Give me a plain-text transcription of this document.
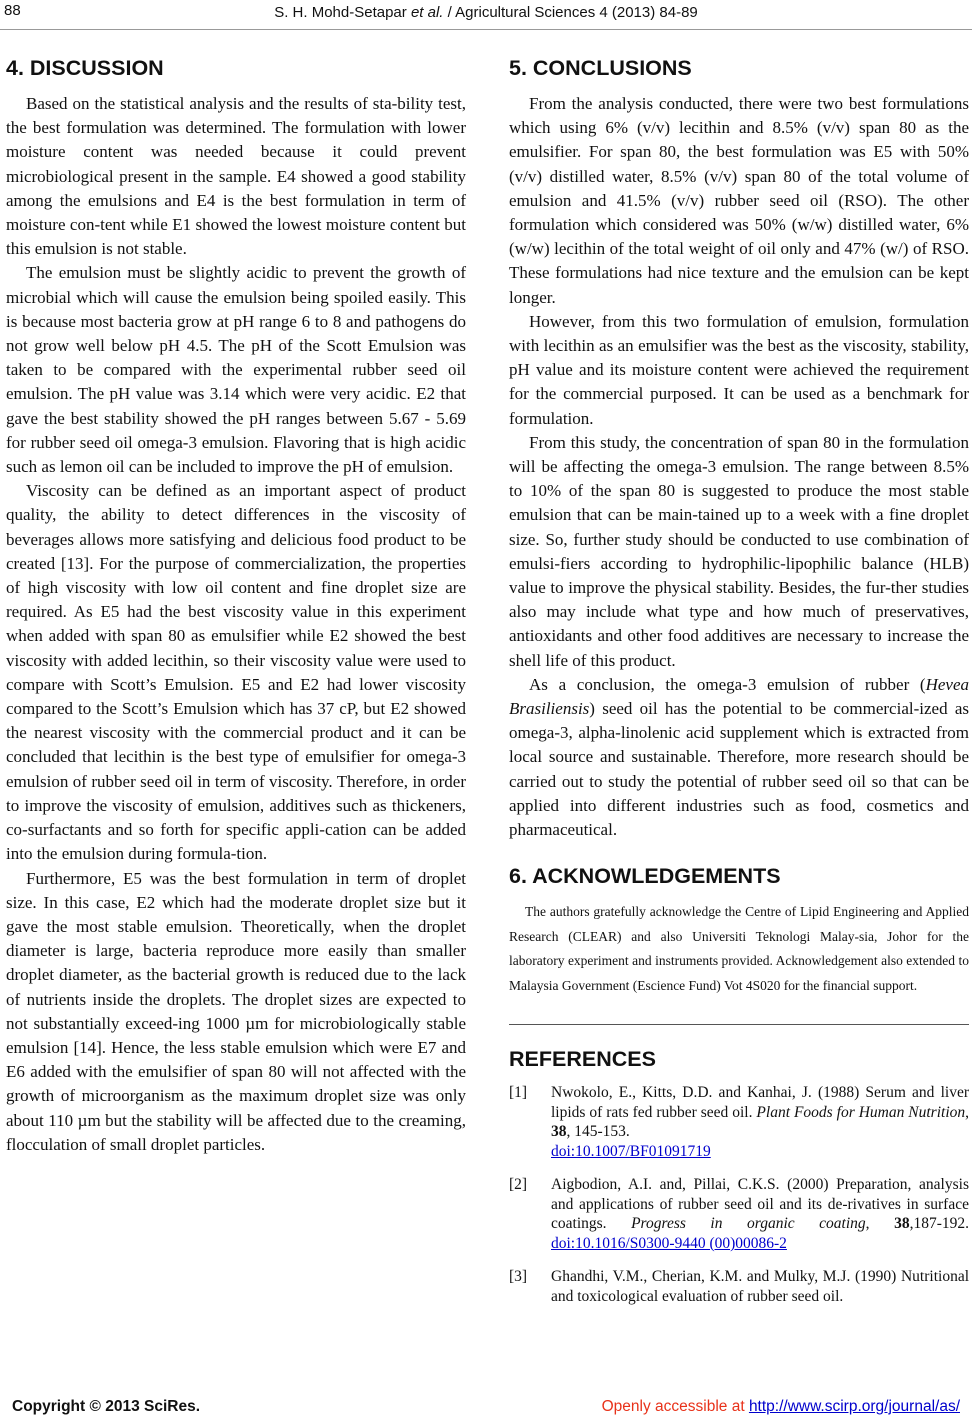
88	S. H. Mohd-Setapar et al. / Agricultural Sciences 4 (2013) 84-89
4. DISCUSSION

Based on the statistical analysis and the results of sta-bility test, the best formulation was determined. The formulation with lower moisture content was needed because it could prevent microbiological present in the sample. E4 showed a good stability among the emulsions and E4 is the best formulation in term of moisture con-tent while E1 showed the lowest moisture content but this emulsion is not stable.

The emulsion must be slightly acidic to prevent the growth of microbial which will cause the emulsion being spoiled easily. This is because most bacteria grow at pH range 6 to 8 and pathogens do not grow well below pH 4.5. The pH of the Scott Emulsion was taken to be compared with the experimental rubber seed oil emulsion. The pH value was 3.14 which were very acidic. E2 that gave the best stability showed the pH ranges between 5.67 - 5.69 for rubber seed oil omega-3 emulsion. Flavoring that is high acidic such as lemon oil can be included to improve the pH of emulsion.

Viscosity can be defined as an important aspect of product quality, the ability to detect differences in the viscosity of beverages allows more satisfying and delicious food product to be created [13]. For the purpose of commercialization, the properties of high viscosity with low oil content and fine droplet size are required. As E5 had the best viscosity value in this experiment when added with span 80 as emulsifier while E2 showed the best viscosity with added lecithin, so their viscosity value were used to compare with Scott’s Emulsion. E5 and E2 had lower viscosity compared to the Scott’s Emulsion which has 37 cP, but E2 showed the nearest viscosity with the commercial product and it can be concluded that lecithin is the best type of emulsifier for omega-3 emulsion of rubber seed oil in term of viscosity. Therefore, in order to improve the viscosity of emulsion, additives such as thickeners, co-surfactants and so forth for specific appli-cation can be added into the emulsion during formula-tion.

Furthermore, E5 was the best formulation in term of droplet size. In this case, E2 which had the moderate droplet size but it gave the most stable emulsion. Theoretically, when the droplet diameter is large, bacteria reproduce more easily than smaller droplet diameter, as the bacterial growth is reduced due to the lack of nutrients inside the droplets. The droplet sizes are expected to not substantially exceed-ing 1000 µm for microbiologically stable emulsion [14]. Hence, the less stable emulsion which were E7 and E6 added with the emulsifier of span 80 will not affected with the growth of microorganism as the maximum droplet size was only about 110 µm but the stability will be affected due to the creaming, flocculation of small droplet particles.

5. CONCLUSIONS

From the analysis conducted, there were two best formulations which using 6% (v/v) lecithin and 8.5% (v/v) span 80 as the emulsifier. For span 80, the best formulation was E5 with 50% (v/v) distilled water, 8.5% (v/v) span 80 of the total volume of emulsion and 41.5% (v/v) rubber seed oil (RSO). The other formulation which considered was 50% (w/w) distilled water, 6% (w/w) lecithin of the total weight of oil only and 47% (w/) of RSO. These formulations had nice texture and the emulsion can be kept longer.

However, from this two formulation of emulsion, formulation with lecithin as an emulsifier was the best as the viscosity, stability, pH value and its moisture content were achieved the requirement for the commercial purposed. It can be used as a benchmark for formulation.

From this study, the concentration of span 80 in the formulation will be affecting the omega-3 emulsion. The range between 8.5% to 10% of the span 80 is suggested to produce the most stable emulsion that can be main-tained up to a week with a fine droplet size. So, further study should be conducted to use combination of emulsi-fiers according to hydrophilic-lipophilic balance (HLB) value to improve the physical stability. Besides, the fur-ther studies also may include what type and how much of preservatives, antioxidants and other food additives are necessary to increase the shell life of this product.

As a conclusion, the omega-3 emulsion of rubber (Hevea Brasiliensis) seed oil has the potential to be commercial-ized as omega-3, alpha-linolenic acid supplement which is extracted from local source and sustainable. Therefore, more research should be carried out to study the potential of rubber seed oil so that can be applied into different industries such as food, cosmetics and pharmaceutical.

6. ACKNOWLEDGEMENTS

The authors gratefully acknowledge the Centre of Lipid Engineering and Applied Research (CLEAR) and also Universiti Teknologi Malay-sia, Johor for the laboratory experiment and instruments provided. Acknowledgement also extended to Malaysia Government (Escience Fund) Vot 4S020 for the financial support.

REFERENCES
[1] Nwokolo, E., Kitts, D.D. and Kanhai, J. (1988) Serum and liver lipids of rats fed rubber seed oil. Plant Foods for Human Nutrition, 38, 145-153.
doi:10.1007/BF01091719
[2] Aigbodion, A.I. and, Pillai, C.K.S. (2000) Preparation, analysis and applications of rubber seed oil and its de-rivatives in surface coatings. Progress in organic coating, 38,187-192. doi:10.1016/S0300-9440 (00)00086-2
[3] Ghandhi, V.M., Cherian, K.M. and Mulky, M.J. (1990) Nutritional and toxicological evaluation of rubber seed oil.
Copyright © 2013 SciRes.	Openly accessible at http://www.scirp.org/journal/as/
